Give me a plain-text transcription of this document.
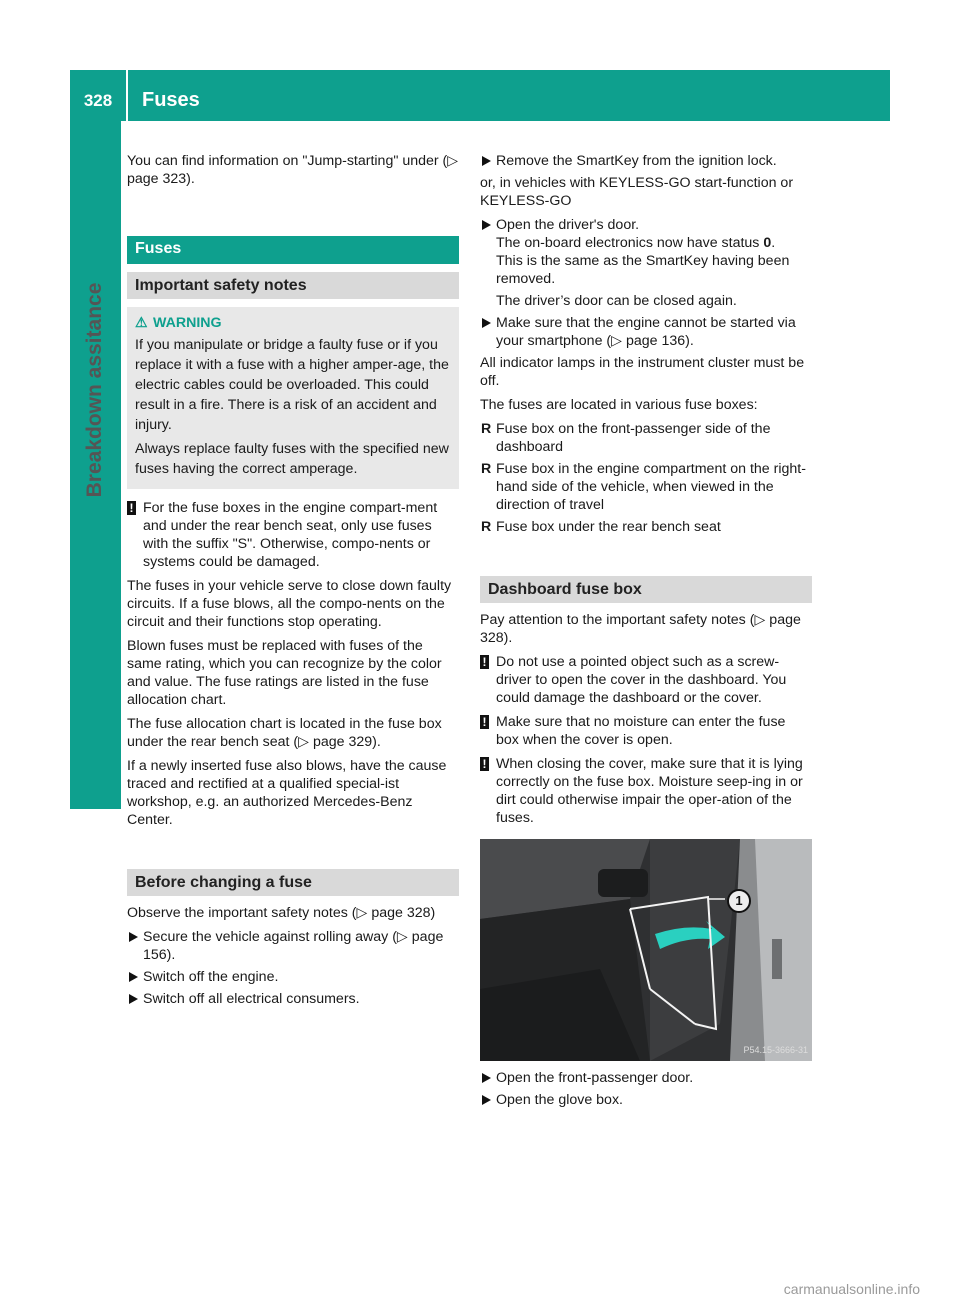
328	Fuses
Breakdown assitance

You can find information on "Jump-starting" under (▷ page 323).

Fuses
Important safety notes
⚠ WARNING

If you manipulate or bridge a faulty fuse or if you replace it with a fuse with a higher amper-age, the electric cables could be overloaded. This could result in a fire. There is a risk of an accident and injury.

Always replace faulty fuses with the specified new fuses having the correct amperage.

! For the fuse boxes in the engine compart-ment and under the rear bench seat, only use fuses with the suffix "S". Otherwise, compo-nents or systems could be damaged.

The fuses in your vehicle serve to close down faulty circuits. If a fuse blows, all the compo-nents on the circuit and their functions stop operating.

Blown fuses must be replaced with fuses of the same rating, which you can recognize by the color and value. The fuse ratings are listed in the fuse allocation chart.

The fuse allocation chart is located in the fuse box under the rear bench seat (▷ page 329).

If a newly inserted fuse also blows, have the cause traced and rectified at a qualified special-ist workshop, e.g. an authorized Mercedes-Benz Center.

Before changing a fuse

Observe the important safety notes (▷ page 328)

Secure the vehicle against rolling away (▷ page 156).
Switch off the engine.
Switch off all electrical consumers.
Remove the SmartKey from the ignition lock.

or, in vehicles with KEYLESS-GO start-function or KEYLESS-GO

Open the driver's door.
The on-board electronics now have status 0.
This is the same as the SmartKey having been removed.
The driver’s door can be closed again.
Make sure that the engine cannot be started via your smartphone (▷ page 136).

All indicator lamps in the instrument cluster must be off.

The fuses are located in various fuse boxes:

R Fuse box on the front-passenger side of the dashboard
R Fuse box in the engine compartment on the right-hand side of the vehicle, when viewed in the direction of travel
R Fuse box under the rear bench seat
Dashboard fuse box

Pay attention to the important safety notes (▷ page 328).

! Do not use a pointed object such as a screw-driver to open the cover in the dashboard. You could damage the dashboard or the cover.
! Make sure that no moisture can enter the fuse box when the cover is open.
! When closing the cover, make sure that it is lying correctly on the fuse box. Moisture seep-ing in or dirt could otherwise impair the oper-ation of the fuses.
1
P54.15-3666-31
Open the front-passenger door.
Open the glove box.
carmanualsonline.info
